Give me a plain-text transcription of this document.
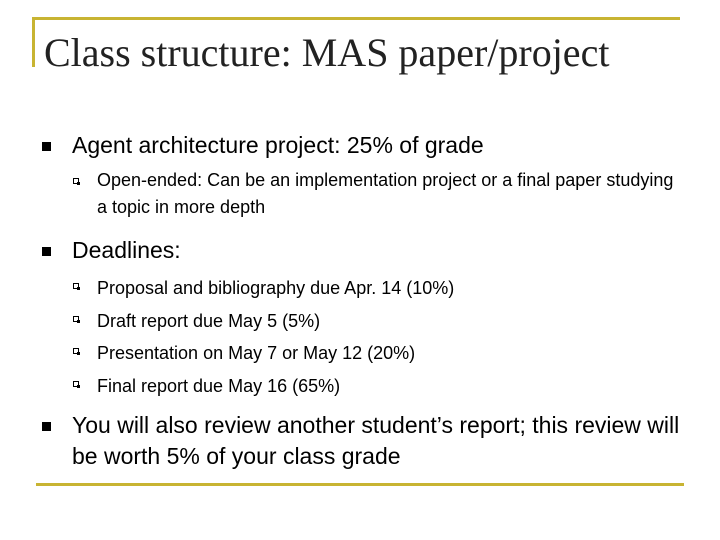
Class structure: MAS paper/project
Agent architecture project: 25% of grade
Open-ended: Can be an implementation project or a final paper studying a topic in more depth
Deadlines:
Proposal and bibliography due Apr. 14 (10%)
Draft report due May 5 (5%)
Presentation on May 7 or May 12 (20%)
Final report due May 16 (65%)
You will also review another student’s report; this review will be worth 5% of your class grade
